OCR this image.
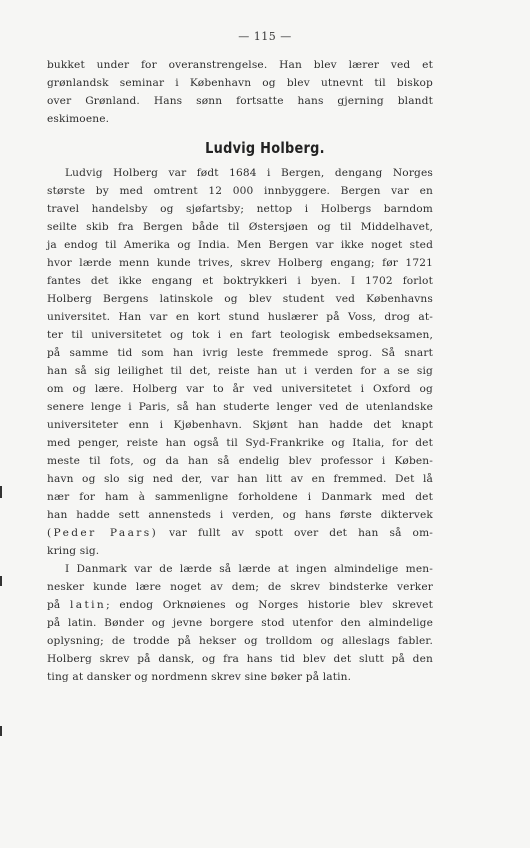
— 115 —
bukket under for overanstrengelse. Han blev lærer ved et
grønlandsk seminar i København og blev utnevnt til biskop
over Grønland. Hans sønn fortsatte hans gjerning blandt
eskimoene.
Ludvig Holberg.
Ludvig Holberg var født 1684 i Bergen, dengang Norges
største by med omtrent 12 000 innbyggere. Bergen var en
travel handelsby og sjøfartsby; nettop i Holbergs barndom
seilte skib fra Bergen både til Østersjøen og til Middelhavet,
ja endog til Amerika og India. Men Bergen var ikke noget sted
hvor lærde menn kunde trives, skrev Holberg engang; før 1721
fantes det ikke engang et boktrykkeri i byen. I 1702 forlot
Holberg Bergens latinskole og blev student ved Københavns
universitet. Han var en kort stund huslærer på Voss, drog at-
ter til universitetet og tok i en fart teologisk embedseksamen,
på samme tid som han ivrig leste fremmede sprog. Så snart
han så sig leilighet til det, reiste han ut i verden for a se sig
om og lære. Holberg var to år ved universitetet i Oxford og
senere lenge i Paris, så han studerte lenger ved de utenlandske
universiteter enn i Kjøbenhavn. Skjønt han hadde det knapt
med penger, reiste han også til Syd-Frankrike og Italia, for det
meste til fots, og da han så endelig blev professor i Køben-
havn og slo sig ned der, var han litt av en fremmed. Det lå
nær for ham à sammenligne forholdene i Danmark med det
han hadde sett annensteds i verden, og hans første diktervek
(Peder Paars) var fullt av spott over det han så om-
kring sig.
I Danmark var de lærde så lærde at ingen almindelige men-
nesker kunde lære noget av dem; de skrev bindsterke verker
på latin; endog Orknøienes og Norges historie blev skrevet
på latin. Bønder og jevne borgere stod utenfor den almindelige
oplysning; de trodde på hekser og trolldom og alleslags fabler.
Holberg skrev på dansk, og fra hans tid blev det slutt på den
ting at dansker og nordmenn skrev sine bøker på latin.
